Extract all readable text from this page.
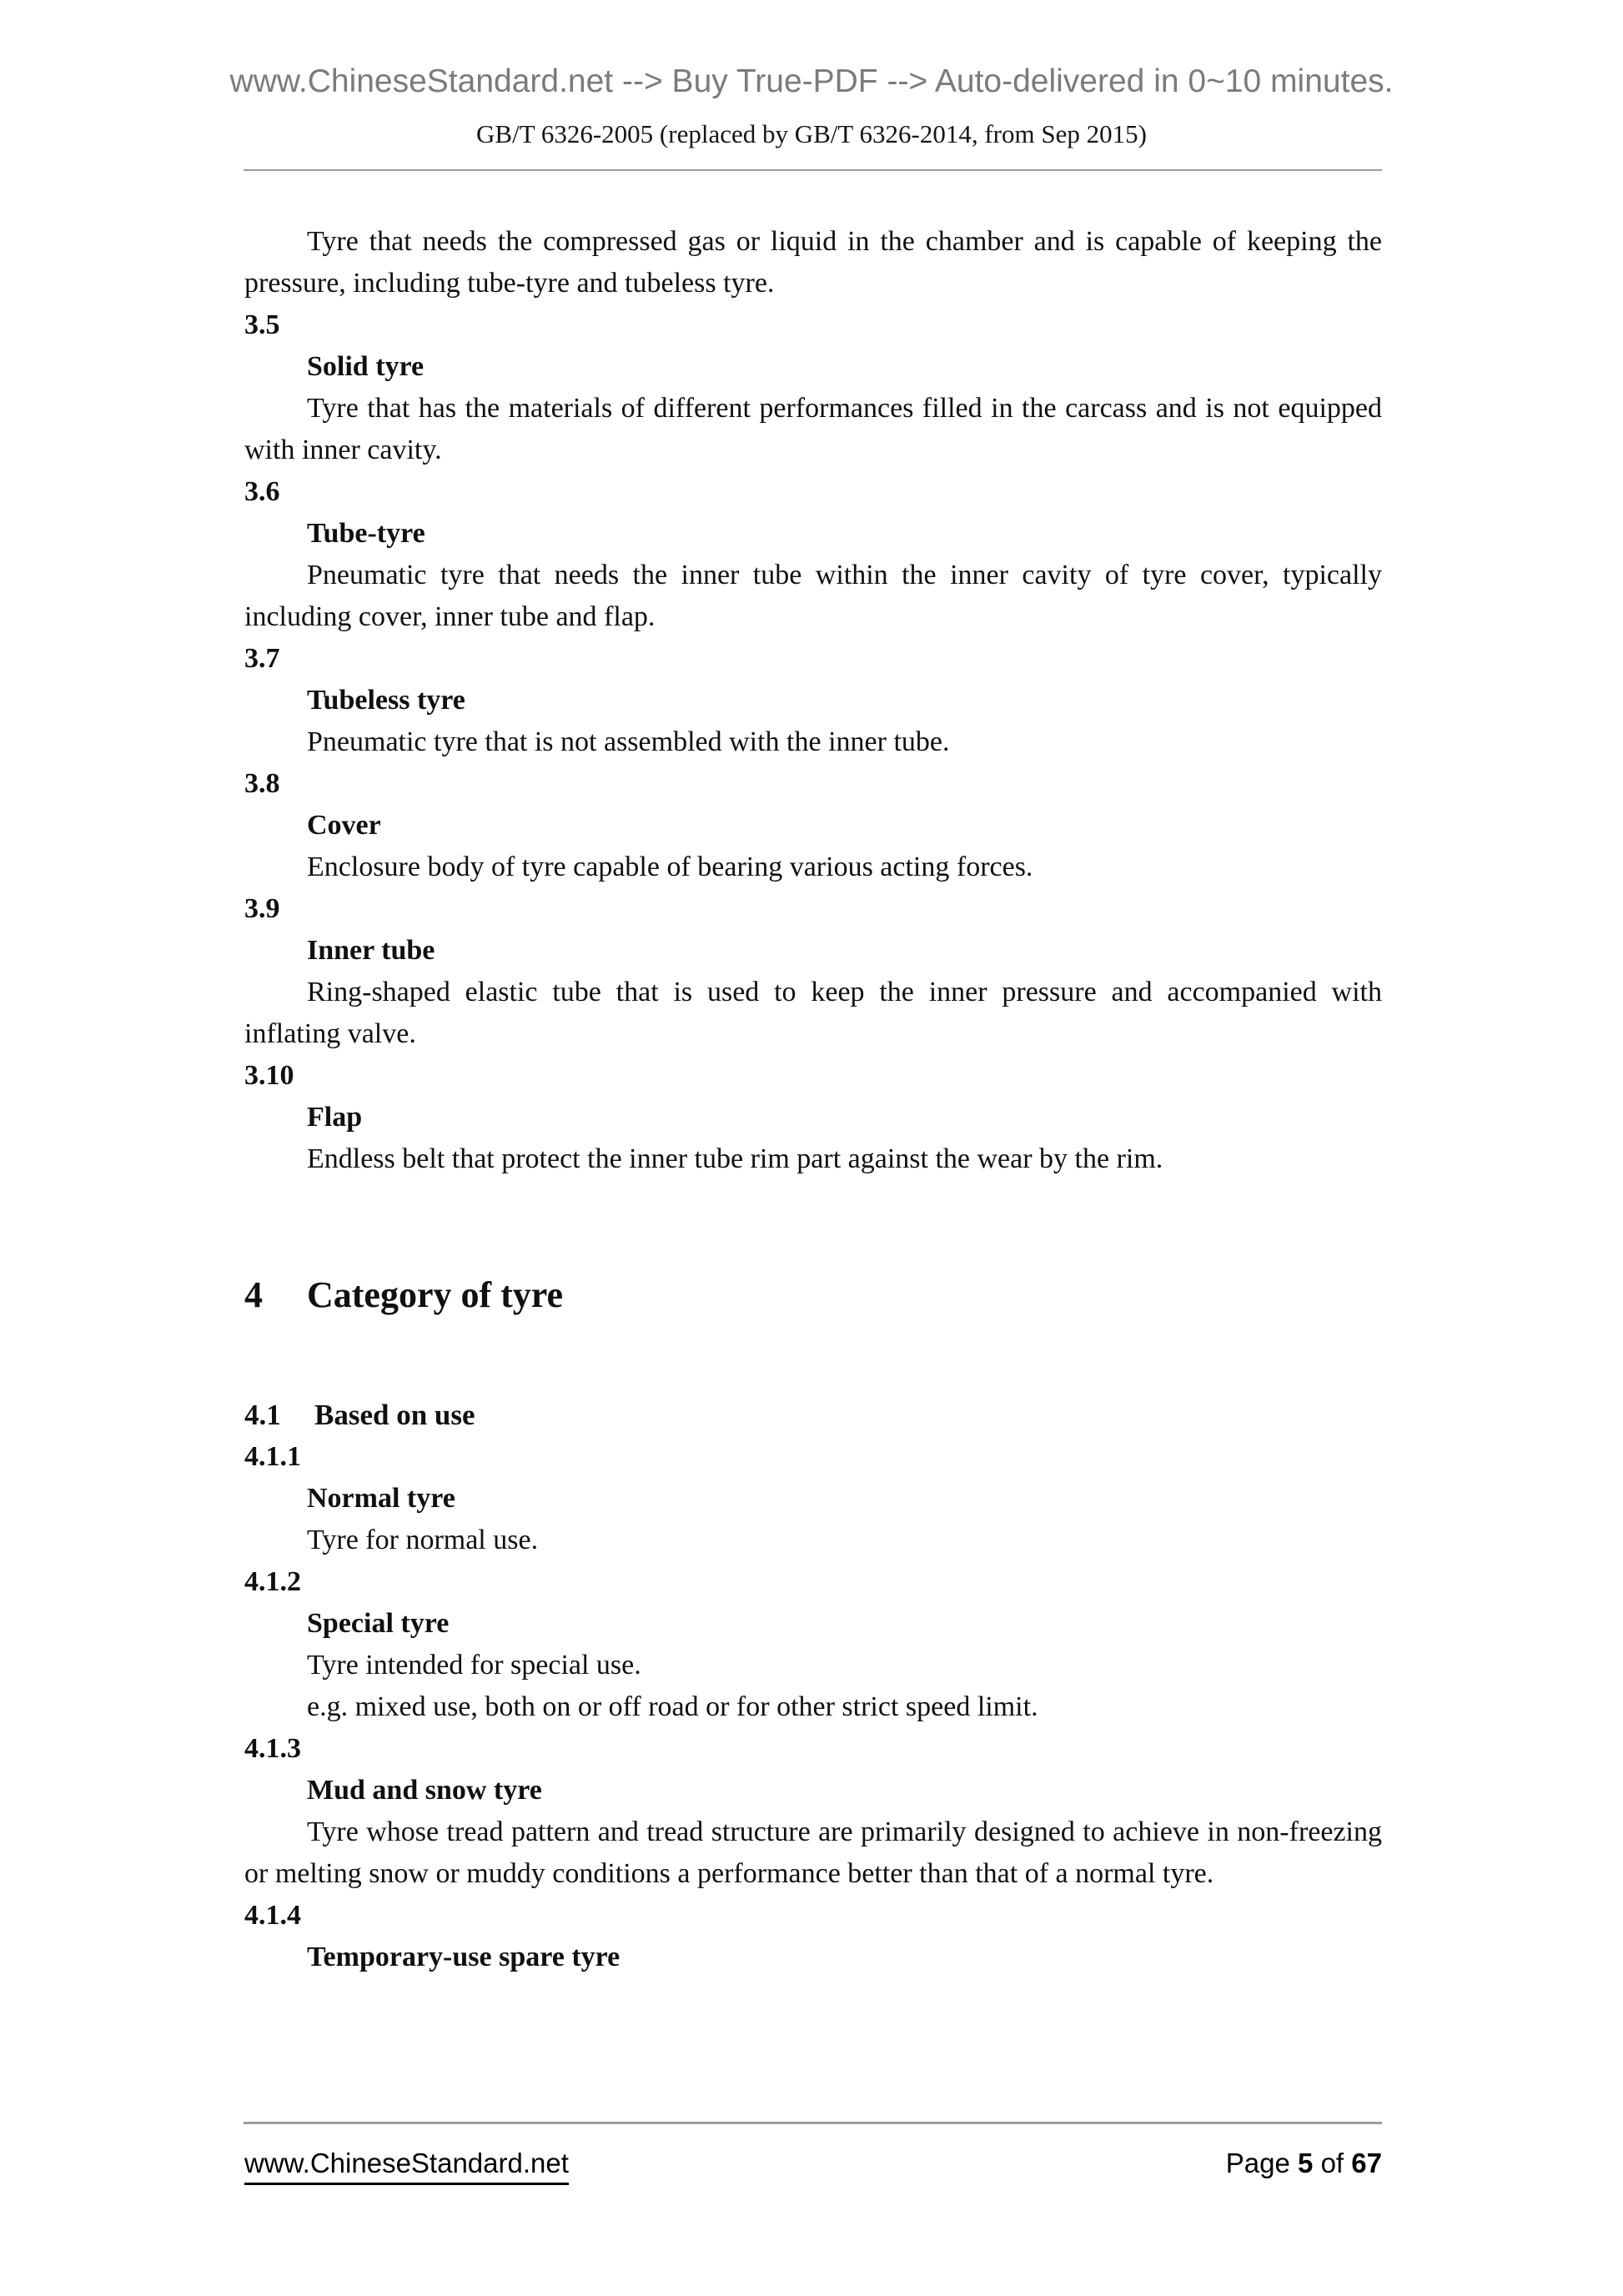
www.ChineseStandard.net --> Buy True-PDF --> Auto-delivered in 0~10 minutes.
GB/T 6326-2005 (replaced by GB/T 6326-2014, from Sep 2015)

Tyre that needs the compressed gas or liquid in the chamber and is capable of keeping the pressure, including tube-tyre and tubeless tyre.

3.5

Solid tyre

Tyre that has the materials of different performances filled in the carcass and is not equipped with inner cavity.

3.6

Tube-tyre

Pneumatic tyre that needs the inner tube within the inner cavity of tyre cover, typically including cover, inner tube and flap.

3.7

Tubeless tyre

Pneumatic tyre that is not assembled with the inner tube.

3.8

Cover

Enclosure body of tyre capable of bearing various acting forces.

3.9

Inner tube

Ring-shaped elastic tube that is used to keep the inner pressure and accompanied with inflating valve.

3.10

Flap

Endless belt that protect the inner tube rim part against the wear by the rim.

4 Category of tyre
4.1 Based on use

4.1.1

Normal tyre

Tyre for normal use.

4.1.2

Special tyre

Tyre intended for special use.

e.g. mixed use, both on or off road or for other strict speed limit.

4.1.3

Mud and snow tyre

Tyre whose tread pattern and tread structure are primarily designed to achieve in non-freezing or melting snow or muddy conditions a performance better than that of a normal tyre.

4.1.4

Temporary-use spare tyre

www.ChineseStandard.net	Page 5 of 67
